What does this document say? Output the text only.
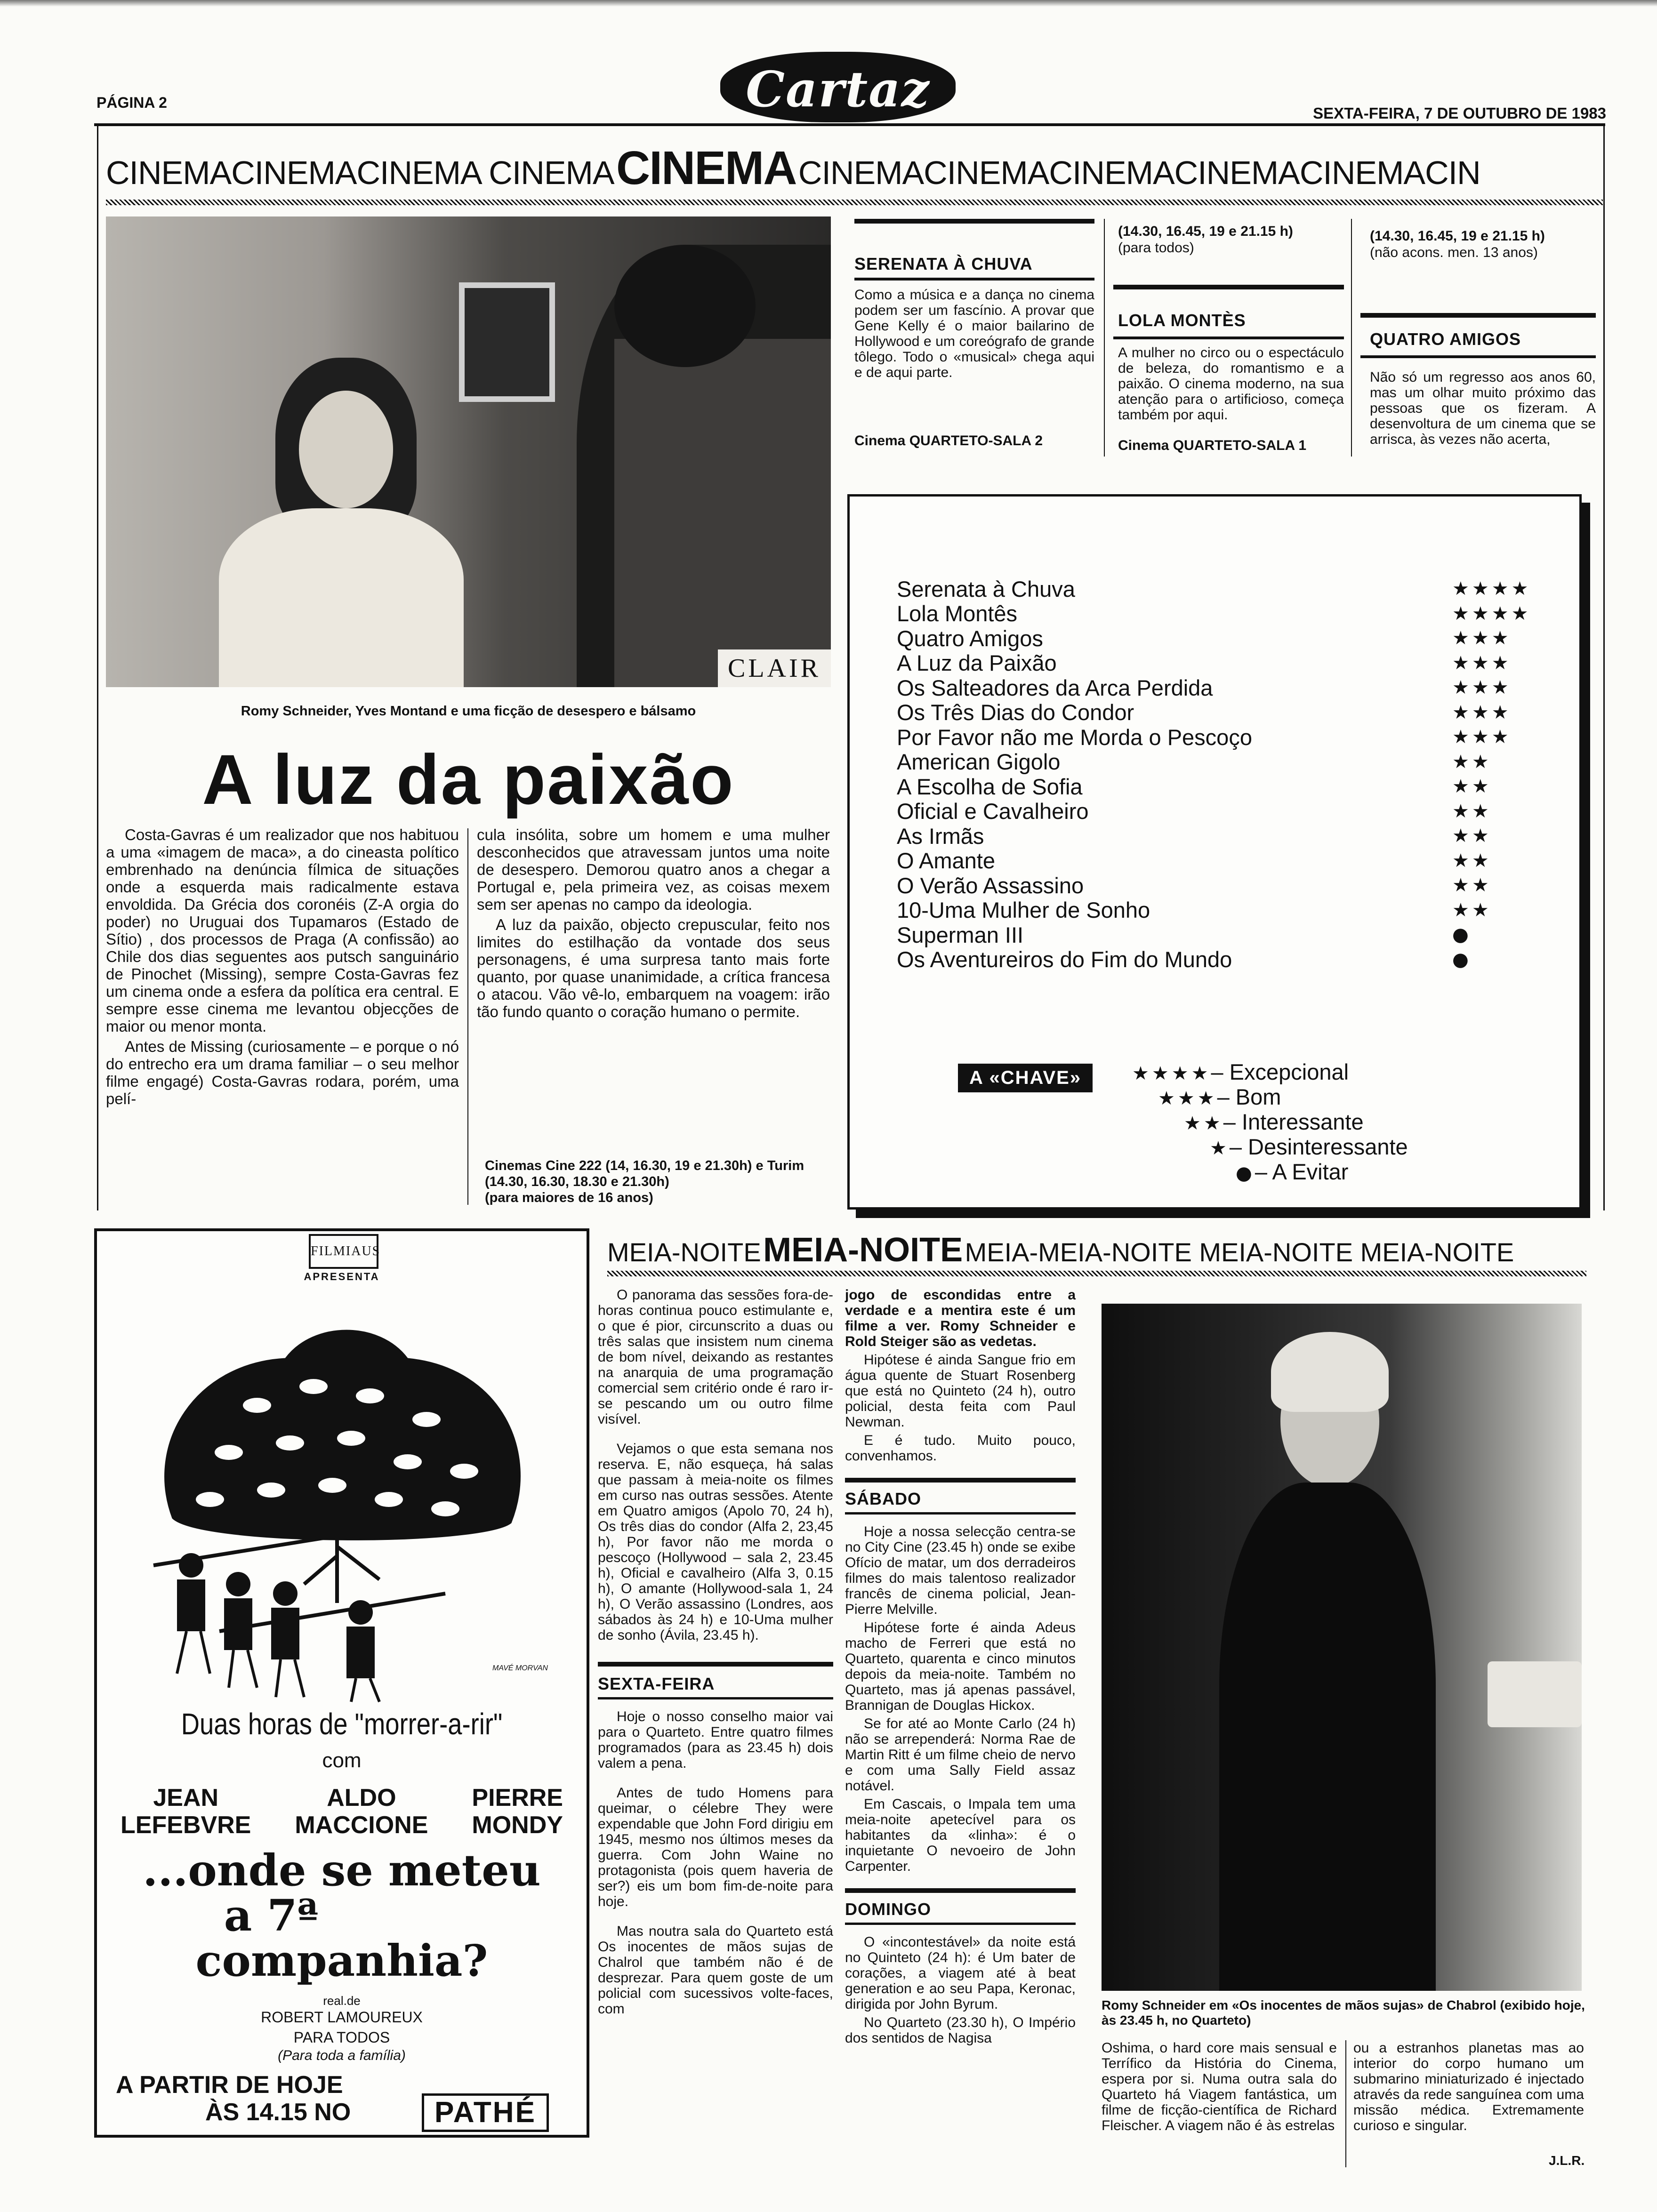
PÁGINA 2	Cartaz	SEXTA-FEIRA, 7 DE OUTUBRO DE 1983
CINEMACINEMACINEMA CINEMA CINEMA CINEMACINEMACINEMACINEMACINEMACIN
CLAIR
Romy Schneider, Yves Montand e uma ficção de desespero e bálsamo
A luz da paixão

Costa-Gavras é um realizador que nos habituou a uma «imagem de maca», a do cineasta político embrenhado na denúncia fílmica de situações onde a esquerda mais radicalmente estava envoldida. Da Grécia dos coronéis (Z-A orgia do poder) no Uruguai dos Tupamaros (Estado de Sítio) , dos processos de Praga (A confissão) ao Chile dos dias seguentes aos putsch sanguinário de Pinochet (Missing), sempre Costa-Gavras fez um cinema onde a esfera da política era central. E sempre esse cinema me levantou objecções de maior ou menor monta.

Antes de Missing (curiosamente – e porque o nó do entrecho era um drama familiar – o seu melhor filme engagé) Costa-Gavras rodara, porém, uma pelí-

cula insólita, sobre um homem e uma mulher desconhecidos que atravessam juntos uma noite de desespero. Demorou quatro anos a chegar a Portugal e, pela primeira vez, as coisas mexem sem ser apenas no campo da ideologia.

A luz da paixão, objecto crepuscular, feito nos limites do estilhação da vontade dos seus personagens, é uma surpresa tanto mais forte quanto, por quase unanimidade, a crítica francesa o atacou. Vão vê-lo, embarquem na voagem: irão tão fundo quanto o coração humano o permite.

Cinemas Cine 222 (14, 16.30, 19 e 21.30h) e Turim (14.30, 16.30, 18.30 e 21.30h)
(para maiores de 16 anos)
SERENATA À CHUVA
Como a música e a dança no cinema podem ser um fascínio. A provar que Gene Kelly é o maior bailarino de Hollywood e um coreógrafo de grande tôlego. Todo o «musical» chega aqui e de aqui parte.
Cinema QUARTETO-SALA 2
(14.30, 16.45, 19 e 21.15 h)
(para todos)
LOLA MONTÈS
A mulher no circo ou o espectáculo de beleza, do romantismo e a paixão. O cinema moderno, na sua atenção para o artificioso, começa também por aqui.
Cinema QUARTETO-SALA 1
(14.30, 16.45, 19 e 21.15 h)
(não acons. men. 13 anos)
QUATRO AMIGOS
Não só um regresso aos anos 60, mas um olhar muito próximo das pessoas que os fizeram. A desenvoltura de um cinema que se arrisca, às vezes não acerta,
Serenata à Chuva	★★★★
Lola Montês	★★★★
Quatro Amigos	★★★
A Luz da Paixão	★★★
Os Salteadores da Arca Perdida	★★★
Os Três Dias do Condor	★★★
Por Favor não me Morda o Pescoço	★★★
American Gigolo	★★
A Escolha de Sofia	★★
Oficial e Cavalheiro	★★
As Irmãs	★★
O Amante	★★
O Verão Assassino	★★
10-Uma Mulher de Sonho	★★
Superman III	●
Os Aventureiros do Fim do Mundo	●
A «CHAVE»	★★★★– Excepcional
★★★– Bom
★★– Interessante
★– Desinteressante
●– A Evitar
FILMIAUS
APRESENTA
MAVÉ MORVAN
Duas horas de "morrer-a-rir"
com
JEAN
LEFEBVRE
ALDO
MACCIONE
PIERRE
MONDY
...onde se meteu
a 7ª
companhia?
real.de
ROBERT LAMOUREUX
PARA TODOS
(Para toda a família)
A PARTIR DE HOJE
ÀS 14.15 NO	PATHÉ
MEIA-NOITE MEIA-NOITE MEIA-MEIA-NOITE MEIA-NOITE MEIA-NOITE

O panorama das sessões fora-de-horas continua pouco estimulante e, o que é pior, circunscrito a duas ou três salas que insistem num cinema de bom nível, deixando as restantes na anarquia de uma programação comercial sem critério onde é raro ir-se pescando um ou outro filme visível.

Vejamos o que esta semana nos reserva. E, não esqueça, há salas que passam à meia-noite os filmes em curso nas outras sessões. Atente em Quatro amigos (Apolo 70, 24 h), Os três dias do condor (Alfa 2, 23,45 h), Por favor não me morda o pescoço (Hollywood – sala 2, 23.45 h), Oficial e cavalheiro (Alfa 3, 0.15 h), O amante (Hollywood-sala 1, 24 h), O Verão assassino (Londres, aos sábados às 24 h) e 10-Uma mulher de sonho (Ávila, 23.45 h).

SEXTA-FEIRA

Hoje o nosso conselho maior vai para o Quarteto. Entre quatro filmes programados (para as 23.45 h) dois valem a pena.

Antes de tudo Homens para queimar, o célebre They were expendable que John Ford dirigiu em 1945, mesmo nos últimos meses da guerra. Com John Waine no protagonista (pois quem haveria de ser?) eis um bom fim-de-noite para hoje.

Mas noutra sala do Quarteto está Os inocentes de mãos sujas de Chalrol que também não é de desprezar. Para quem goste de um policial com sucessivos volte-faces, com

jogo de escondidas entre a verdade e a mentira este é um filme a ver. Romy Schneider e Rold Steiger são as vedetas.

Hipótese é ainda Sangue frio em água quente de Stuart Rosenberg que está no Quinteto (24 h), outro policial, desta feita com Paul Newman.

E é tudo. Muito pouco, convenhamos.

SÁBADO

Hoje a nossa selecção centra-se no City Cine (23.45 h) onde se exibe Ofício de matar, um dos derradeiros filmes do mais talentoso realizador francês de cinema policial, Jean-Pierre Melville.

Hipótese forte é ainda Adeus macho de Ferreri que está no Quarteto, quarenta e cinco minutos depois da meia-noite. Também no Quarteto, mas já apenas passável, Brannigan de Douglas Hickox.

Se for até ao Monte Carlo (24 h) não se arrependerá: Norma Rae de Martin Ritt é um filme cheio de nervo e com uma Sally Field assaz notável.

Em Cascais, o Impala tem uma meia-noite apetecível para os habitantes da «linha»: é o inquietante O nevoeiro de John Carpenter.

DOMINGO

O «incontestável» da noite está no Quinteto (24 h): é Um bater de corações, a viagem até à beat generation e ao seu Papa, Keronac, dirigida por John Byrum.

No Quarteto (23.30 h), O Império dos sentidos de Nagisa

Romy Schneider em «Os inocentes de mãos sujas» de Chabrol (exibido hoje, às 23.45 h, no Quarteto)
Oshima, o hard core mais sensual e Terrífico da História do Cinema, espera por si. Numa outra sala do Quarteto há Viagem fantástica, um filme de ficção-científica de Richard Fleischer. A viagem não é às estrelas
ou a estranhos planetas mas ao interior do corpo humano um submarino miniaturizado é injectado através da rede sanguínea com uma missão médica. Extremamente curioso e singular.
J.L.R.
